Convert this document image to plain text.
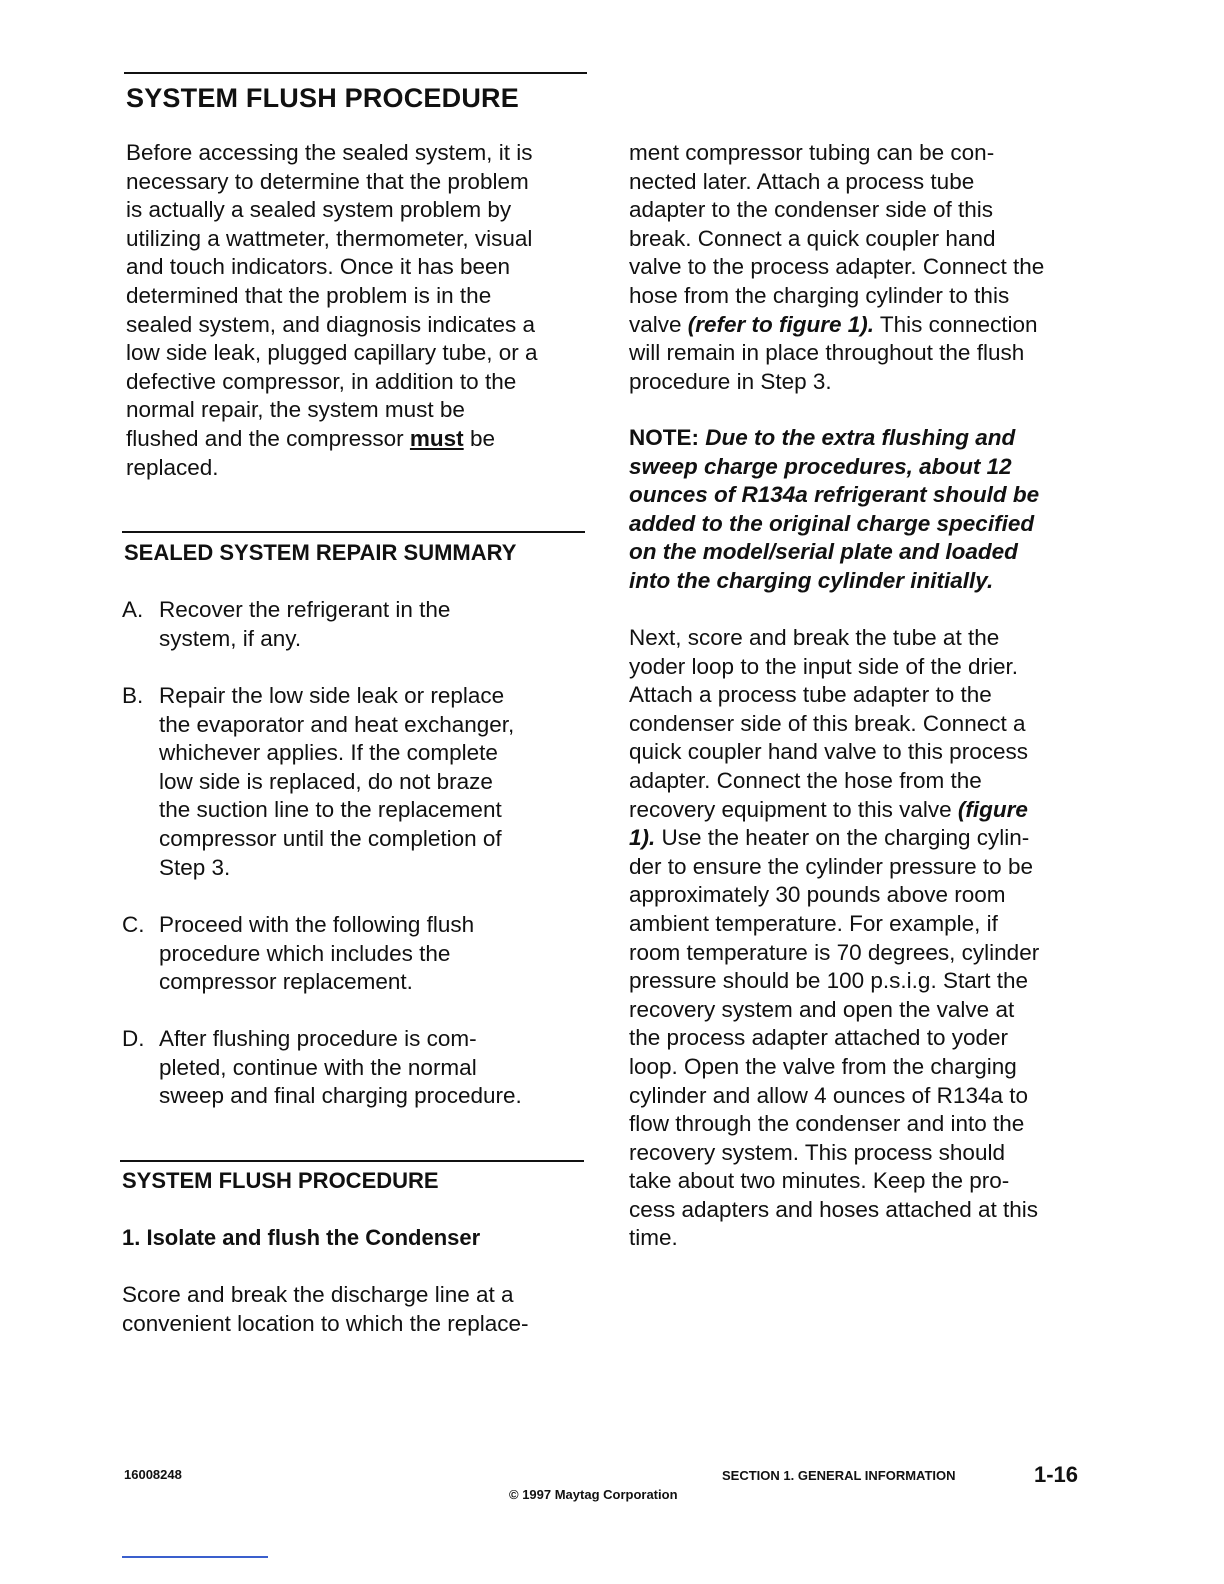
SYSTEM FLUSH PROCEDURE
Before accessing the sealed system, it is
necessary to determine that the problem
is actually a sealed system problem by
utilizing a wattmeter, thermometer, visual
and touch indicators. Once it has been
determined that the problem is in the
sealed system, and diagnosis indicates a
low side leak, plugged capillary tube, or a
defective compressor, in addition to the
normal repair, the system must be
flushed and the compressor must be
replaced.
SEALED SYSTEM REPAIR SUMMARY
A. Recover the refrigerant in the
system, if any.
B. Repair the low side leak or replace
the evaporator and heat exchanger,
whichever applies. If the complete
low side is replaced, do not braze
the suction line to the replacement
compressor until the completion of
Step 3.
C. Proceed with the following flush
procedure which includes the
compressor replacement.
D. After flushing procedure is com-
pleted, continue with the normal
sweep and final charging procedure.
SYSTEM FLUSH PROCEDURE
1. Isolate and flush the Condenser
Score and break the discharge line at a
convenient location to which the replace-
ment compressor tubing can be con-
nected later. Attach a process tube
adapter to the condenser side of this
break. Connect a quick coupler hand
valve to the process adapter. Connect the
hose from the charging cylinder to this
valve (refer to figure 1). This connection
will remain in place throughout the flush
procedure in Step 3.
NOTE: Due to the extra flushing and
sweep charge procedures, about 12
ounces of R134a refrigerant should be
added to the original charge specified
on the model/serial plate and loaded
into the charging cylinder initially.
Next, score and break the tube at the
yoder loop to the input side of the drier.
Attach a process tube adapter to the
condenser side of this break. Connect a
quick coupler hand valve to this process
adapter. Connect the hose from the
recovery equipment to this valve (figure
1). Use the heater on the charging cylin-
der to ensure the cylinder pressure to be
approximately 30 pounds above room
ambient temperature. For example, if
room temperature is 70 degrees, cylinder
pressure should be 100 p.s.i.g. Start the
recovery system and open the valve at
the process adapter attached to yoder
loop. Open the valve from the charging
cylinder and allow 4 ounces of R134a to
flow through the condenser and into the
recovery system. This process should
take about two minutes. Keep the pro-
cess adapters and hoses attached at this
time.
16008248	SECTION 1. GENERAL INFORMATION	1-16
© 1997 Maytag Corporation
